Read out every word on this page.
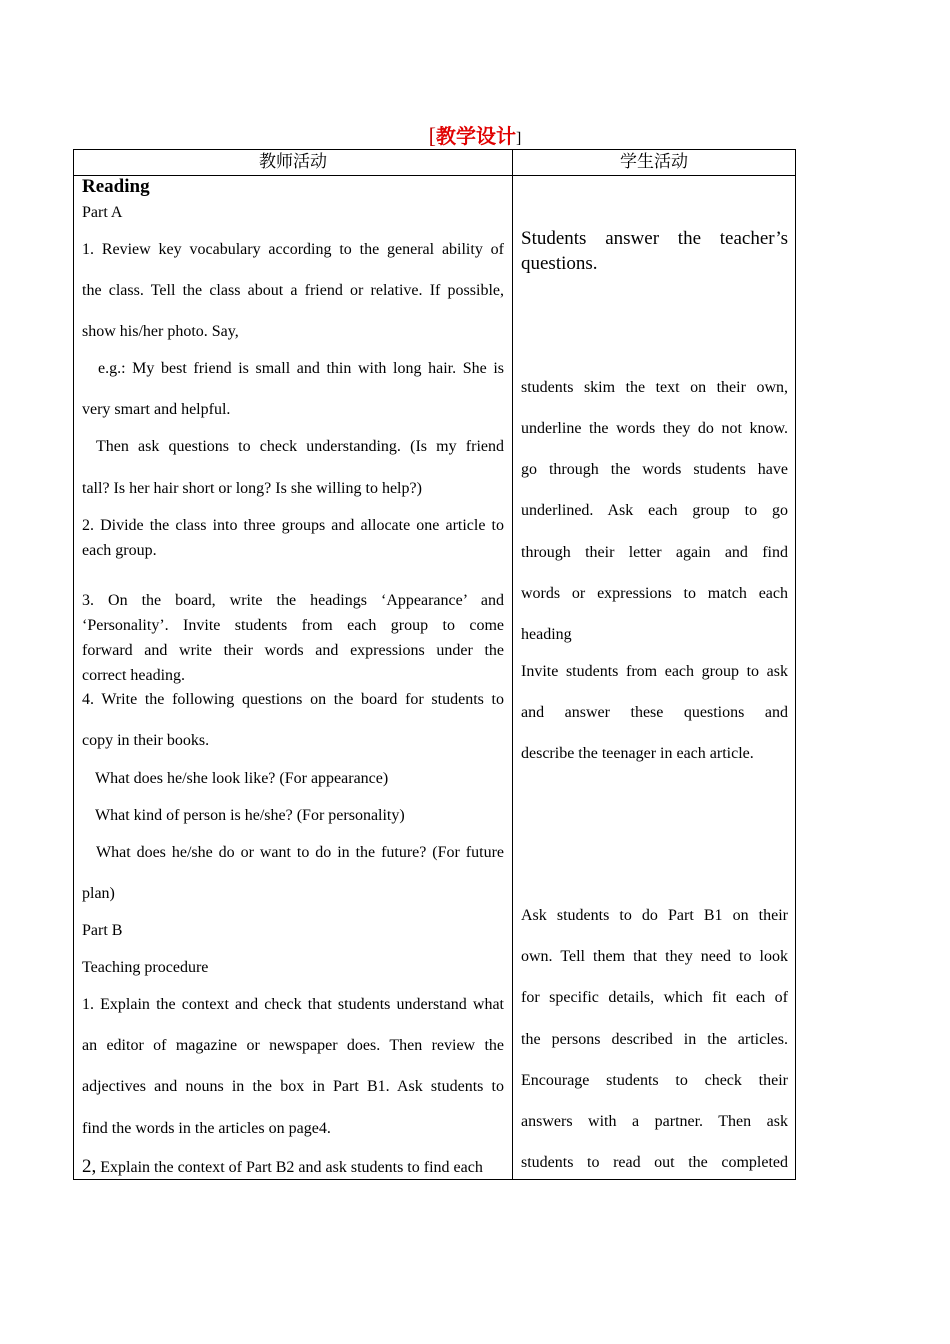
[教学设计]
教师活动	学生活动

Reading

Part A

1. Review key vocabulary according to the general ability of

the class. Tell the class about a friend or relative. If possible,

show his/her photo. Say,

e.g.: My best friend is small and thin with long hair. She is

very smart and helpful.

Then ask questions to check understanding. (Is my friend

tall? Is her hair short or long? Is she willing to help?)

2. Divide the class into three groups and allocate one article to

each group.

3. On the board, write the headings ‘Appearance’ and

‘Personality’. Invite students from each group to come

forward and write their words and expressions under the

correct heading.

4. Write the following questions on the board for students to

copy in their books.

What does he/she look like? (For appearance)

What kind of person is he/she? (For personality)

What does he/she do or want to do in the future? (For future

plan)

Part B

Teaching procedure

1. Explain the context and check that students understand what

an editor of magazine or newspaper does. Then review the

adjectives and nouns in the box in Part B1. Ask students to

find the words in the articles on page4.

2, Explain the context of Part B2 and ask students to find each

Students answer the teacher’s

questions.

students skim the text on their own,

underline the words they do not know.

go through the words students have

underlined. Ask each group to go

through their letter again and find

words or expressions to match each

heading

Invite students from each group to ask

and answer these questions and

describe the teenager in each article.

Ask students to do Part B1 on their

own. Tell them that they need to look

for specific details, which fit each of

the persons described in the articles.

Encourage students to check their

answers with a partner. Then ask

students to read out the completed
